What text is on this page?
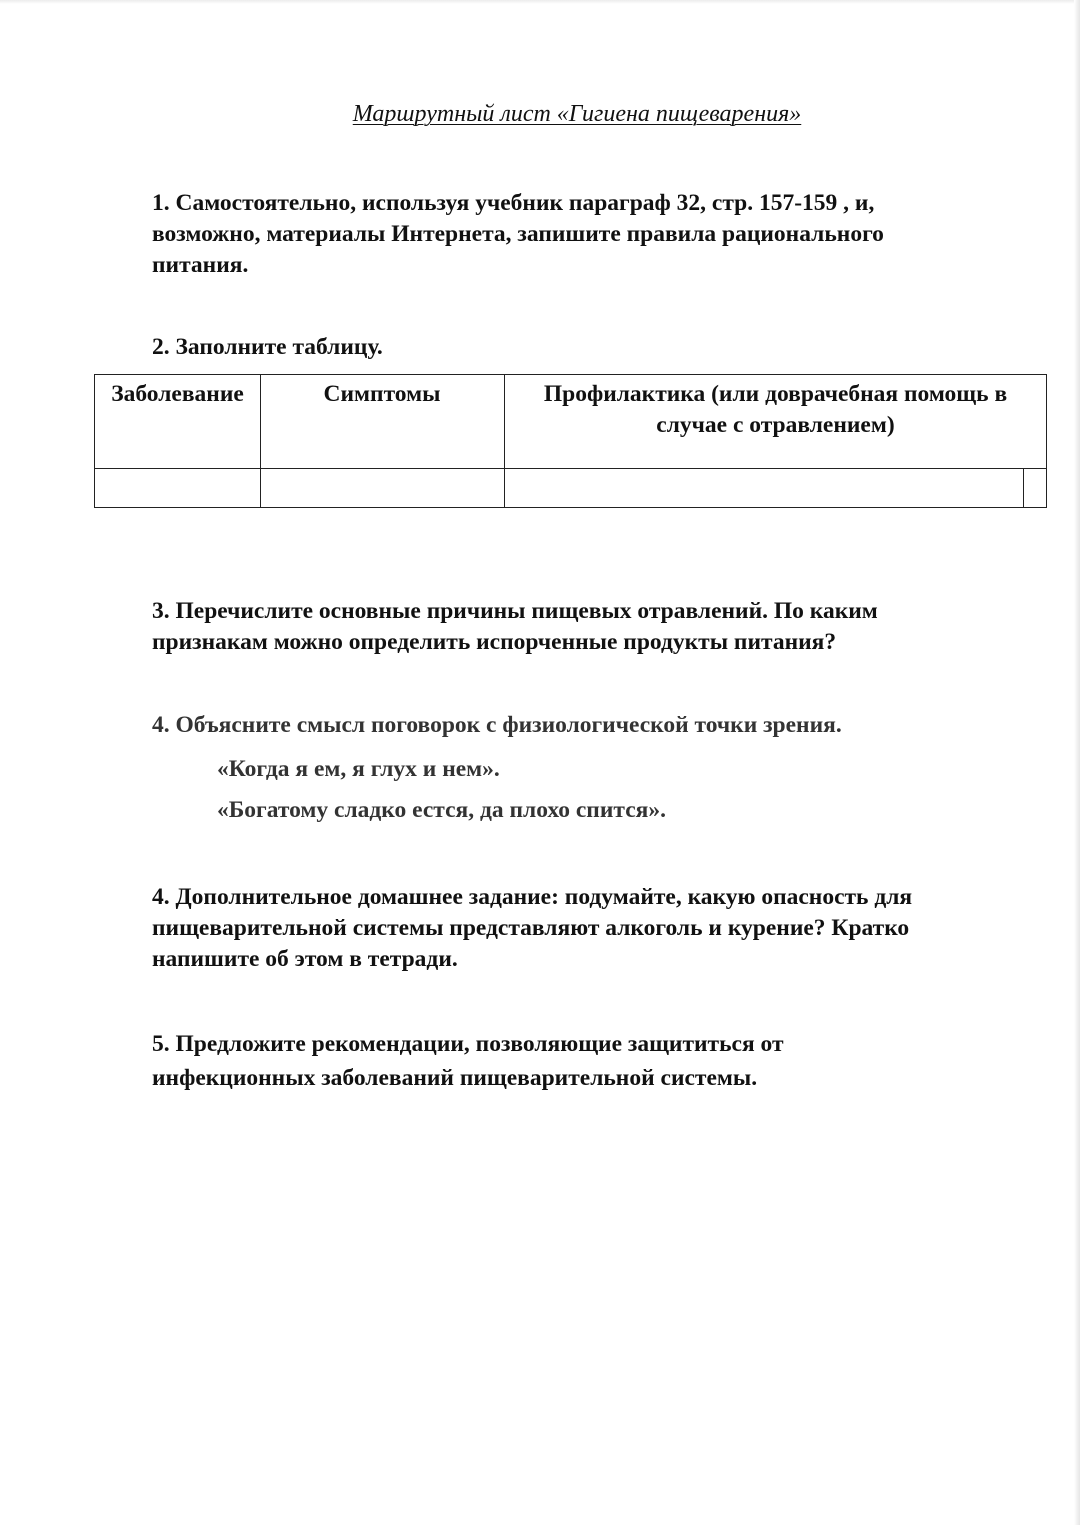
Маршрутный лист «Гигиена пищеварения»

1. Самостоятельно, используя учебник параграф 32, стр. 157-159 , и,

возможно, материалы Интернета, запишите правила рационального

питания.

2. Заполните таблицу.

Заболевание	Симптомы	Профилактика (или доврачебная помощь в случае с отравлением)

3. Перечислите основные причины пищевых отравлений. По каким

признакам можно определить испорченные продукты питания?

4. Объясните смысл поговорок с физиологической точки зрения.

«Когда я ем, я глух и нем».
«Богатому сладко естся, да плохо спится».

4. Дополнительное домашнее задание: подумайте, какую опасность для

пищеварительной системы представляют алкоголь и курение? Кратко

напишите об этом в тетради.

5. Предложите рекомендации, позволяющие защититься от

инфекционных заболеваний пищеварительной системы.
